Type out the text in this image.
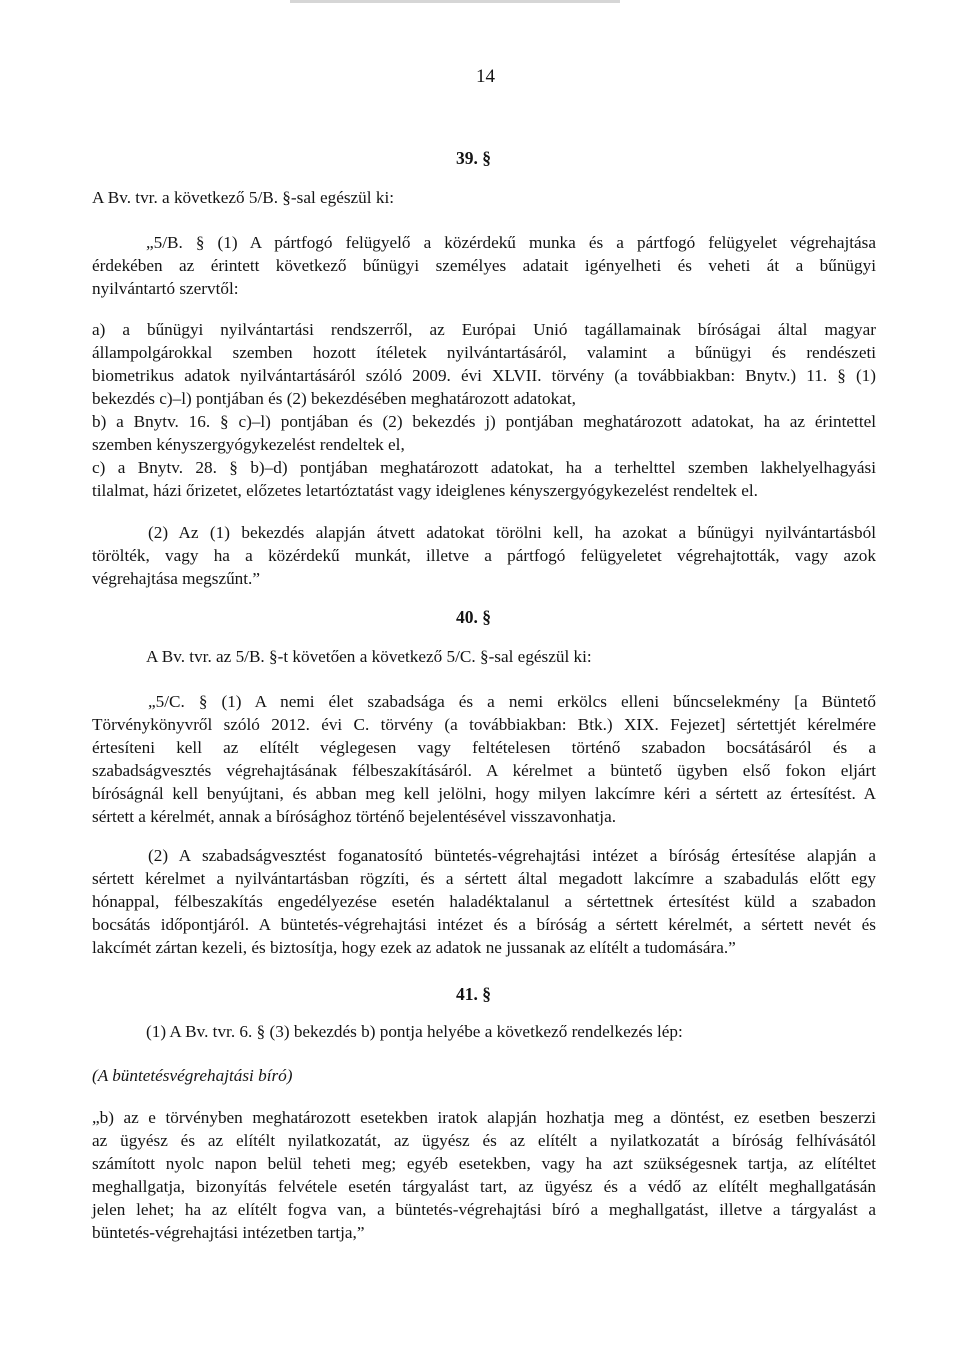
14
39. §

A Bv. tvr. a következő 5/B. §-sal egészül ki:

„5/B. § (1) A pártfogó felügyelő a közérdekű munka és a pártfogó felügyelet végrehajtása

érdekében az érintett következő bűnügyi személyes adatait igényelheti és veheti át a bűnügyi

nyilvántartó szervtől:

a) a bűnügyi nyilvántartási rendszerről, az Európai Unió tagállamainak bíróságai által magyar

állampolgárokkal szemben hozott ítéletek nyilvántartásáról, valamint a bűnügyi és rendészeti

biometrikus adatok nyilvántartásáról szóló 2009. évi XLVII. törvény (a továbbiakban: Bnytv.) 11. § (1)

bekezdés c)–l) pontjában és (2) bekezdésében meghatározott adatokat,

b) a Bnytv. 16. § c)–l) pontjában és (2) bekezdés j) pontjában meghatározott adatokat, ha az érintettel

szemben kényszergyógykezelést rendeltek el,

c) a Bnytv. 28. § b)–d) pontjában meghatározott adatokat, ha a terhelttel szemben lakhelyelhagyási

tilalmat, házi őrizetet, előzetes letartóztatást vagy ideiglenes kényszergyógykezelést rendeltek el.

(2) Az (1) bekezdés alapján átvett adatokat törölni kell, ha azokat a bűnügyi nyilvántartásból

törölték, vagy ha a közérdekű munkát, illetve a pártfogó felügyeletet végrehajtották, vagy azok

végrehajtása megszűnt.”

40. §

A Bv. tvr. az 5/B. §-t követően a következő 5/C. §-sal egészül ki:

„5/C. § (1) A nemi élet szabadsága és a nemi erkölcs elleni bűncselekmény [a Büntető

Törvénykönyvről szóló 2012. évi C. törvény (a továbbiakban: Btk.) XIX. Fejezet] sértettjét kérelmére

értesíteni kell az elítélt véglegesen vagy feltételesen történő szabadon bocsátásáról és a

szabadságvesztés végrehajtásának félbeszakításáról. A kérelmet a büntető ügyben első fokon eljárt

bíróságnál kell benyújtani, és abban meg kell jelölni, hogy milyen lakcímre kéri a sértett az értesítést. A

sértett a kérelmét, annak a bírósághoz történő bejelentésével visszavonhatja.

(2) A szabadságvesztést foganatosító büntetés-végrehajtási intézet a bíróság értesítése alapján a

sértett kérelmet a nyilvántartásban rögzíti, és a sértett által megadott lakcímre a szabadulás előtt egy

hónappal, félbeszakítás engedélyezése esetén haladéktalanul a sértettnek értesítést küld a szabadon

bocsátás időpontjáról. A büntetés-végrehajtási intézet és a bíróság a sértett kérelmét, a sértett nevét és

lakcímét zártan kezeli, és biztosítja, hogy ezek az adatok ne jussanak az elítélt a tudomására.”

41. §

(1) A Bv. tvr. 6. § (3) bekezdés b) pontja helyébe a következő rendelkezés lép:

(A büntetésvégrehajtási bíró)

„b) az e törvényben meghatározott esetekben iratok alapján hozhatja meg a döntést, ez esetben beszerzi

az ügyész és az elítélt nyilatkozatát, az ügyész és az elítélt a nyilatkozatát a bíróság felhívásától

számított nyolc napon belül teheti meg; egyéb esetekben, vagy ha azt szükségesnek tartja, az elítéltet

meghallgatja, bizonyítás felvétele esetén tárgyalást tart, az ügyész és a védő az elítélt meghallgatásán

jelen lehet; ha az elítélt fogva van, a büntetés-végrehajtási bíró a meghallgatást, illetve a tárgyalást a

büntetés-végrehajtási intézetben tartja,”
